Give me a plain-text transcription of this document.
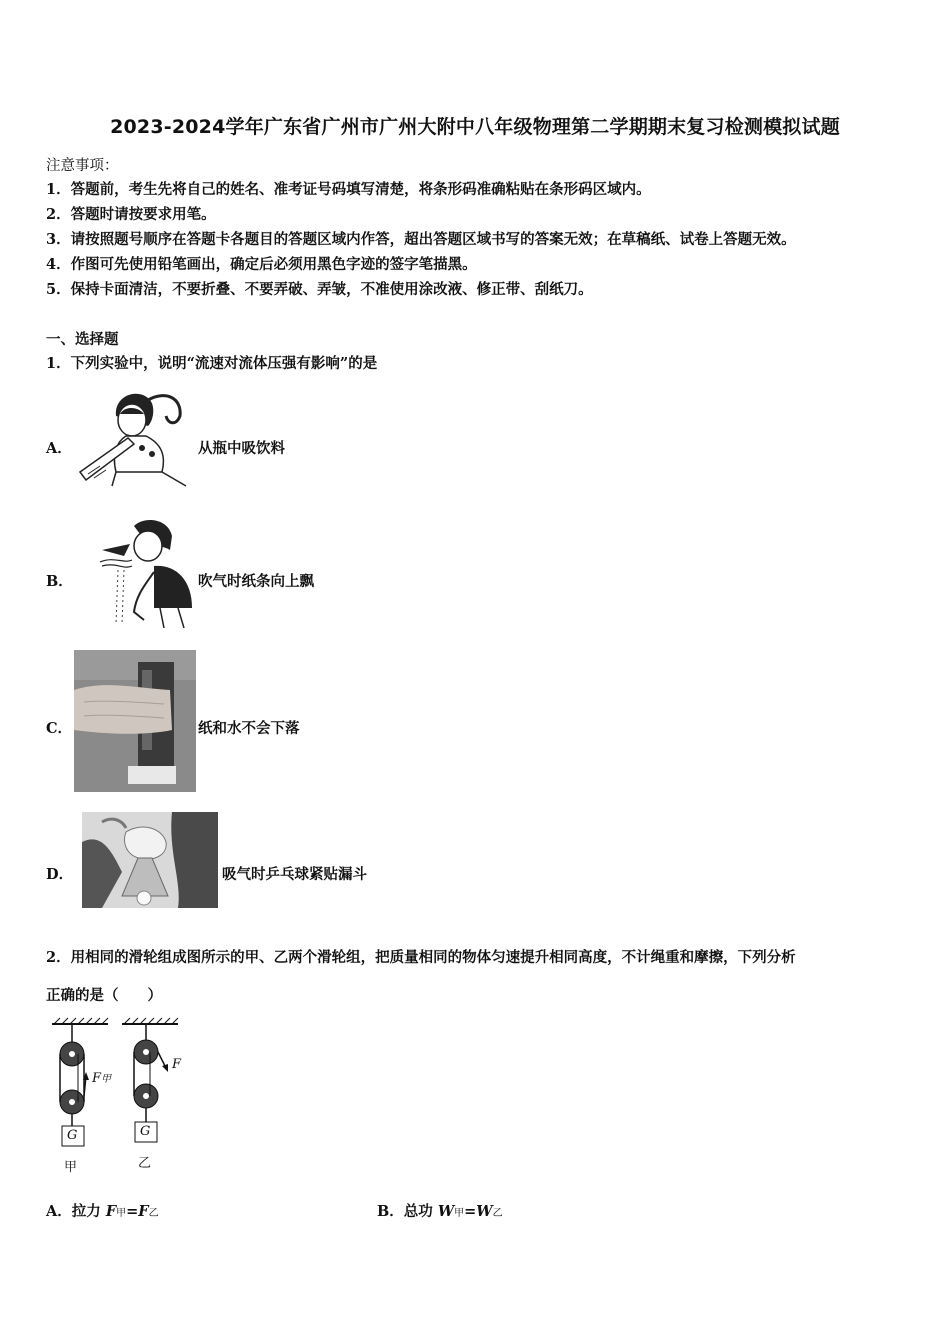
2023-2024学年广东省广州市广州大附中八年级物理第二学期期末复习检测模拟试题
注意事项：
1．答题前，考生先将自己的姓名、准考证号码填写清楚，将条形码准确粘贴在条形码区域内。
2．答题时请按要求用笔。
3．请按照题号顺序在答题卡各题目的答题区域内作答，超出答题区域书写的答案无效；在草稿纸、试卷上答题无效。
4．作图可先使用铅笔画出，确定后必须用黑色字迹的签字笔描黑。
5．保持卡面清洁，不要折叠、不要弄破、弄皱，不准使用涂改液、修正带、刮纸刀。
一、选择题
1．下列实验中，说明“流速对流体压强有影响”的是
A．	从瓶中吸饮料
B．	吹气时纸条向上飘
C．	纸和水不会下落
D．	吸气时乒乓球紧贴漏斗
2．用相同的滑轮组成图所示的甲、乙两个滑轮组，把质量相同的物体匀速提升相同高度，不计绳重和摩擦，下列分析
正确的是（　　）
F甲
F
G	G
甲	乙
A．拉力 F甲=F乙	B．总功 W甲=W乙
